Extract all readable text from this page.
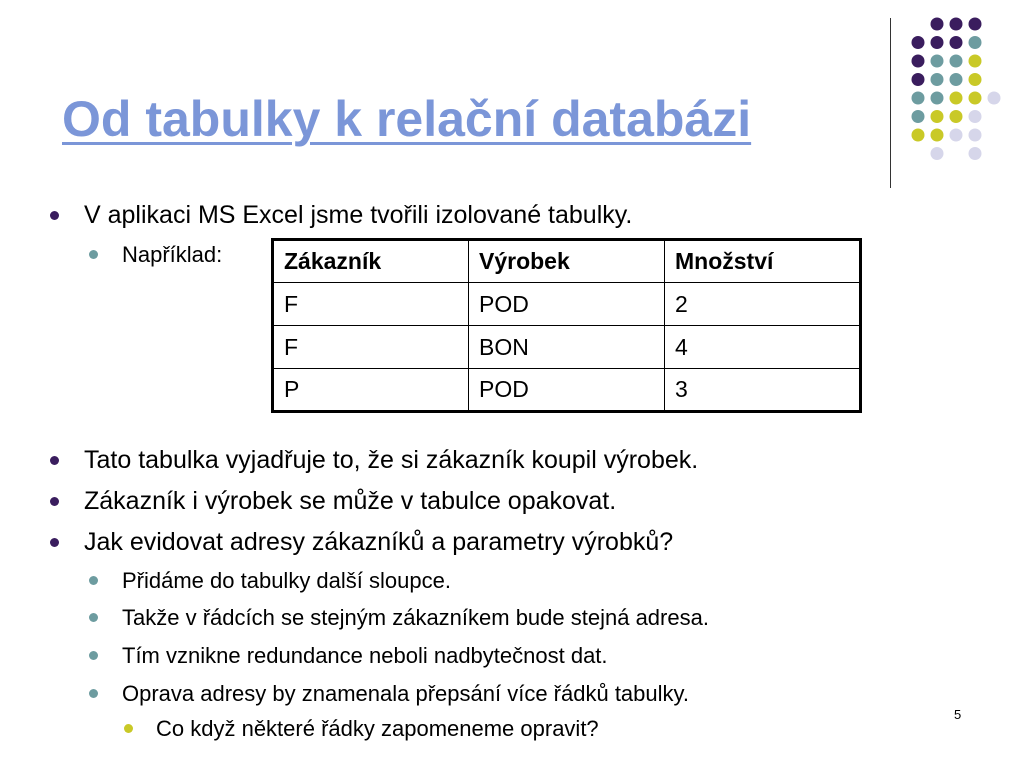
Od tabulky k relační databázi
V aplikaci MS Excel jsme tvořili izolované tabulky.
Například:	Zákazník	Výrobek	Množství
F	POD	2
F	BON	4
P	POD	3
Tato tabulka vyjadřuje to, že si zákazník koupil výrobek.
Zákazník i výrobek se může v tabulce opakovat.
Jak evidovat adresy zákazníků a parametry výrobků?
Přidáme do tabulky další sloupce.
Takže v řádcích se stejným zákazníkem bude stejná adresa.
Tím vznikne redundance neboli nadbytečnost dat.
Oprava adresy by znamenala přepsání více řádků tabulky.
Co když některé řádky zapomeneme opravit?
5
